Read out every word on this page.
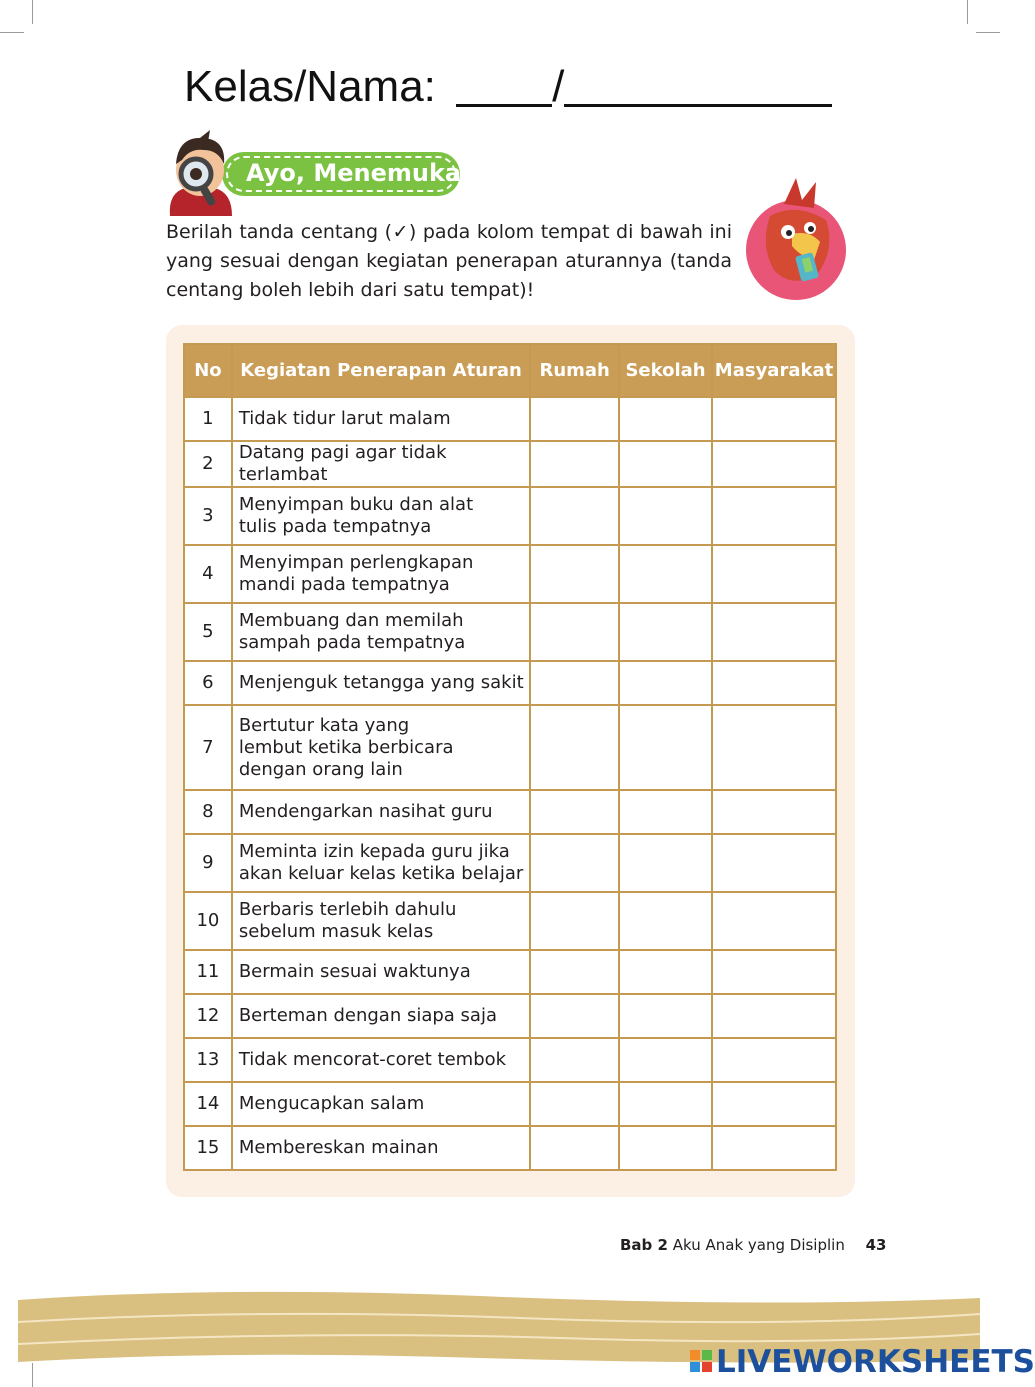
Kelas/Nama:	/
Ayo, Menemukan

Berilah tanda centang (✓) pada kolom tempat di bawah ini yang sesuai dengan kegiatan penerapan aturannya (tanda centang boleh lebih dari satu tempat)!

No	Kegiatan Penerapan Aturan	Rumah	Sekolah	Masyarakat
1	Tidak tidur larut malam			

2	Datang pagi agar tidak terlambat			

3	Menyimpan buku dan alat
tulis pada tempatnya			

4	Menyimpan perlengkapan
mandi pada tempatnya			

5	Membuang dan memilah
sampah pada tempatnya			

6	Menjenguk tetangga yang sakit			

7	Bertutur kata yang
lembut ketika berbicara
dengan orang lain			

8	Mendengarkan nasihat guru			

9	Meminta izin kepada guru jika
akan keluar kelas ketika belajar			

10	Berbaris terlebih dahulu
sebelum masuk kelas			

11	Bermain sesuai waktunya			

12	Berteman dengan siapa saja			

13	Tidak mencorat-coret tembok			

14	Mengucapkan salam			

15	Membereskan mainan			

Bab 2 Aku Anak yang Disiplin 43
LIVEWORKSHEETS
